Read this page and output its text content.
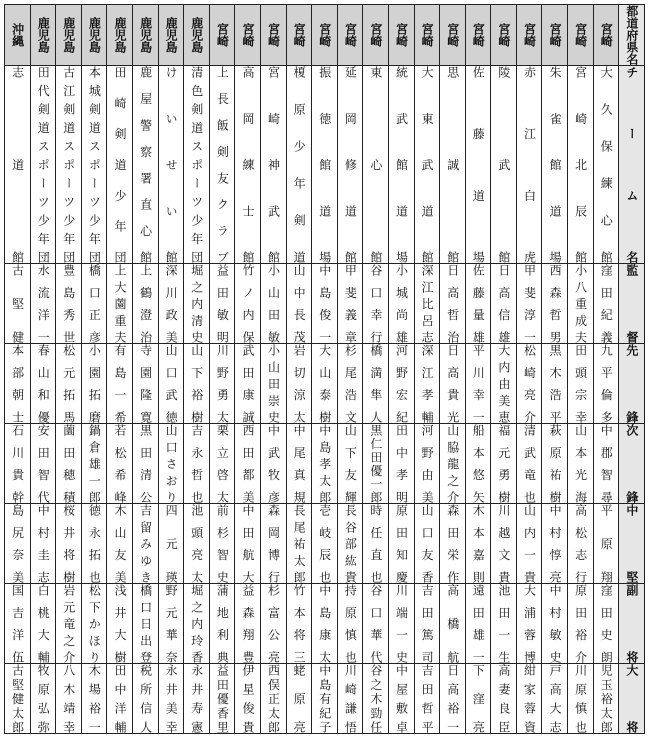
沖縄	鹿児島	鹿児島	鹿児島	鹿児島	鹿児島	鹿児島	鹿児島	宮崎	宮崎	宮崎	宮崎	宮崎	宮崎	宮崎	宮崎	宮崎	宮崎	宮崎	宮崎	宮崎	宮崎	宮崎	宮崎	都道府県名

志道館	田代剣道スポーツ少年団	古江剣道スポーツ少年団	本城剣道スポーツ少年団	田崎剣道少年団	鹿屋警察署直心館	けいせい館	清色剣道スポーツ少年団	上長飯剣友クラブ	高岡練士館	宮崎神武館	榎原少年剣道	振徳館道場	延岡修道館	東心館	統武館道場	大東武道館	思誠館	佐藤道場	陵武館	赤江白虎	朱雀館道場	宮崎北辰館	大久保練心館	チーム名

古堅健	水流洋一	豊島秀世	橋口正彦	上大薗重夫	上鶴澄治	深川政美	堀之内清史	益田敏明	竹ノ内保	小山田敏	山中長茂	中島俊一	甲斐義章	谷口幸行	小城尚雄	深江比呂志	日高哲治	佐藤量雄	日高信雄	甲斐淳一	西森哲男	小八重成夫	窪田紀義	監督

本部朝士	春山和優	松元拓馬	小園拓磨	有島一希	寺園隆寛	山口武徳	山下裕樹	川野勇太	武田康誠	小山田崇史	岩切涼太	大山泰樹	杉尾浩文	橋満隼人	河野宏紀	深江孝輔	日高貴光	平川幸一	大内由美恵	松崎亮介	黒木浩平	田頭宗幸	九平倫多	先鋒

石川貴幹	安田智代	薗田穂積	鍋倉雄一郎	若松希峰	黒田清公	山口さおり	吉永哲也	栗立啓太	西田都美	中武牧彦	中尾真規	中島孝太郎	山下友輝	黒仁田優一郎	田中孝明	河野由美	山脇龍之介	船本悠矢	福元勇樹	清武竜也	萩原祐樹	山本光海	中郡智尋	次鋒

島尻奈美	中村圭志	桜井将樹	徳永拓也	木山友美	吉留みゆき	四元瑛	池頭亮太	前杉智史	中田航大	森岡博行	長尾祐太郎	壱岐辰也	長谷部紘貴	時任直也	原田知慶	山口友香	森田栄作	木本嘉則	川越文貴	山内一貴	中村惇亮	高松志行	平原翔	中堅

国吉洋伍	白桃大輔	岩元竜之介	松下かほり	浅井大樹	橋口日出登	野元華奈	堀之内玲香	蒲地利典	益森翔豊	杉富公亮	竹本将三	中島康太	持原慎也	谷口華代	川端一史	吉田篤司	高橋航	遠田雄一	池田一生	大浦蓉博	中村敏史	原田裕介	窪田史朗	副将

古堅健太郎	牧原弘弥	八木靖幸	木場裕一	田中洋輔	税所信人	永井美幸	永井寿憲	益田優香里	伊星俊貴	西俣正太郎	蛯原亮	中島有紀子	川崎謙悟	谷之木勁任	中屋敷卓	吉田哲平	日高裕一	下窪亮	高妻良臣	紺家蓉資	戸高大志	川原慎也	児玉裕太郎	大将
